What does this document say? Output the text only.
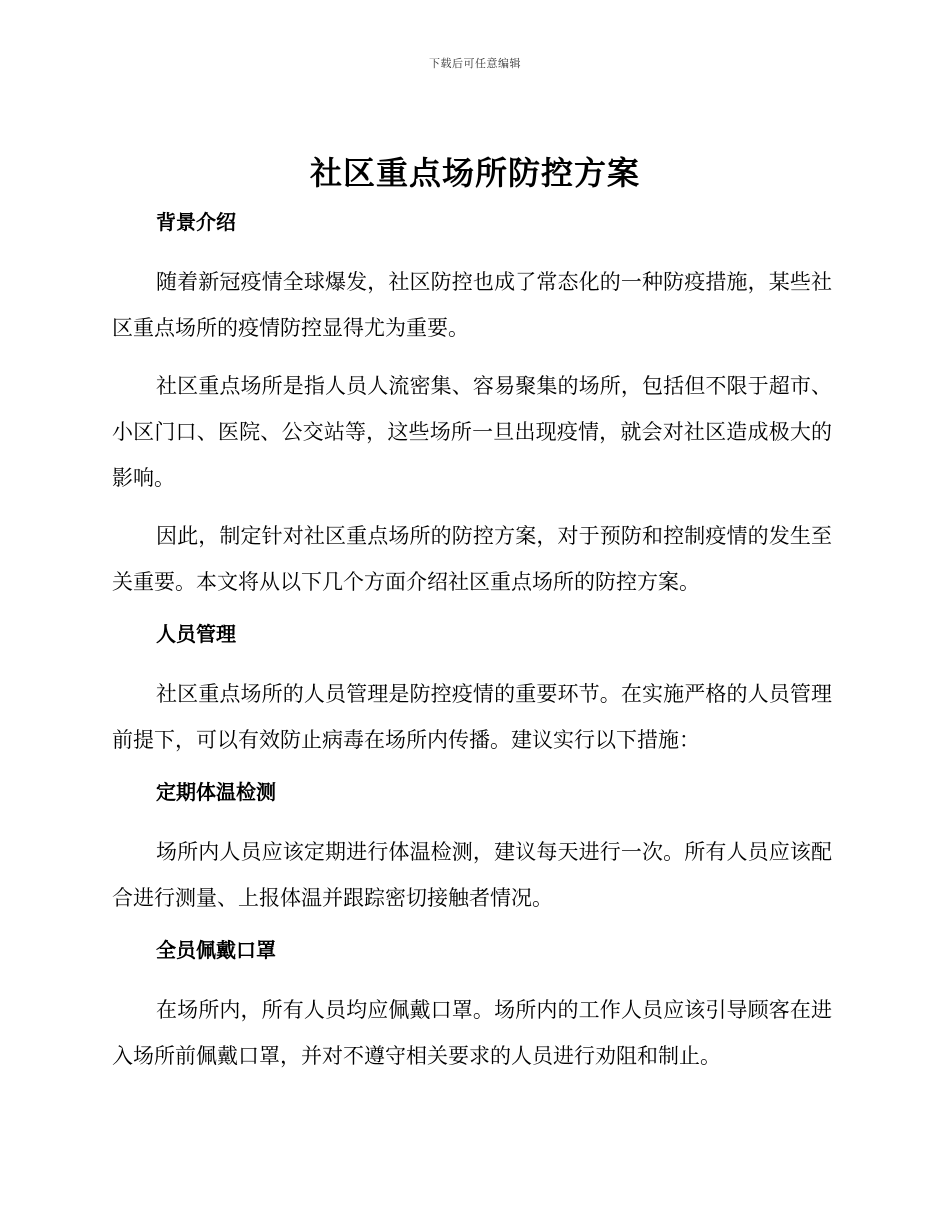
下载后可任意编辑
社区重点场所防控方案
背景介绍

随着新冠疫情全球爆发，社区防控也成了常态化的一种防疫措施，某些社区重点场所的疫情防控显得尤为重要。

社区重点场所是指人员人流密集、容易聚集的场所，包括但不限于超市、小区门口、医院、公交站等，这些场所一旦出现疫情，就会对社区造成极大的影响。

因此，制定针对社区重点场所的防控方案，对于预防和控制疫情的发生至关重要。本文将从以下几个方面介绍社区重点场所的防控方案。

人员管理

社区重点场所的人员管理是防控疫情的重要环节。在实施严格的人员管理前提下，可以有效防止病毒在场所内传播。建议实行以下措施：

定期体温检测

场所内人员应该定期进行体温检测，建议每天进行一次。所有人员应该配合进行测量、上报体温并跟踪密切接触者情况。

全员佩戴口罩

在场所内，所有人员均应佩戴口罩。场所内的工作人员应该引导顾客在进入场所前佩戴口罩，并对不遵守相关要求的人员进行劝阻和制止。
